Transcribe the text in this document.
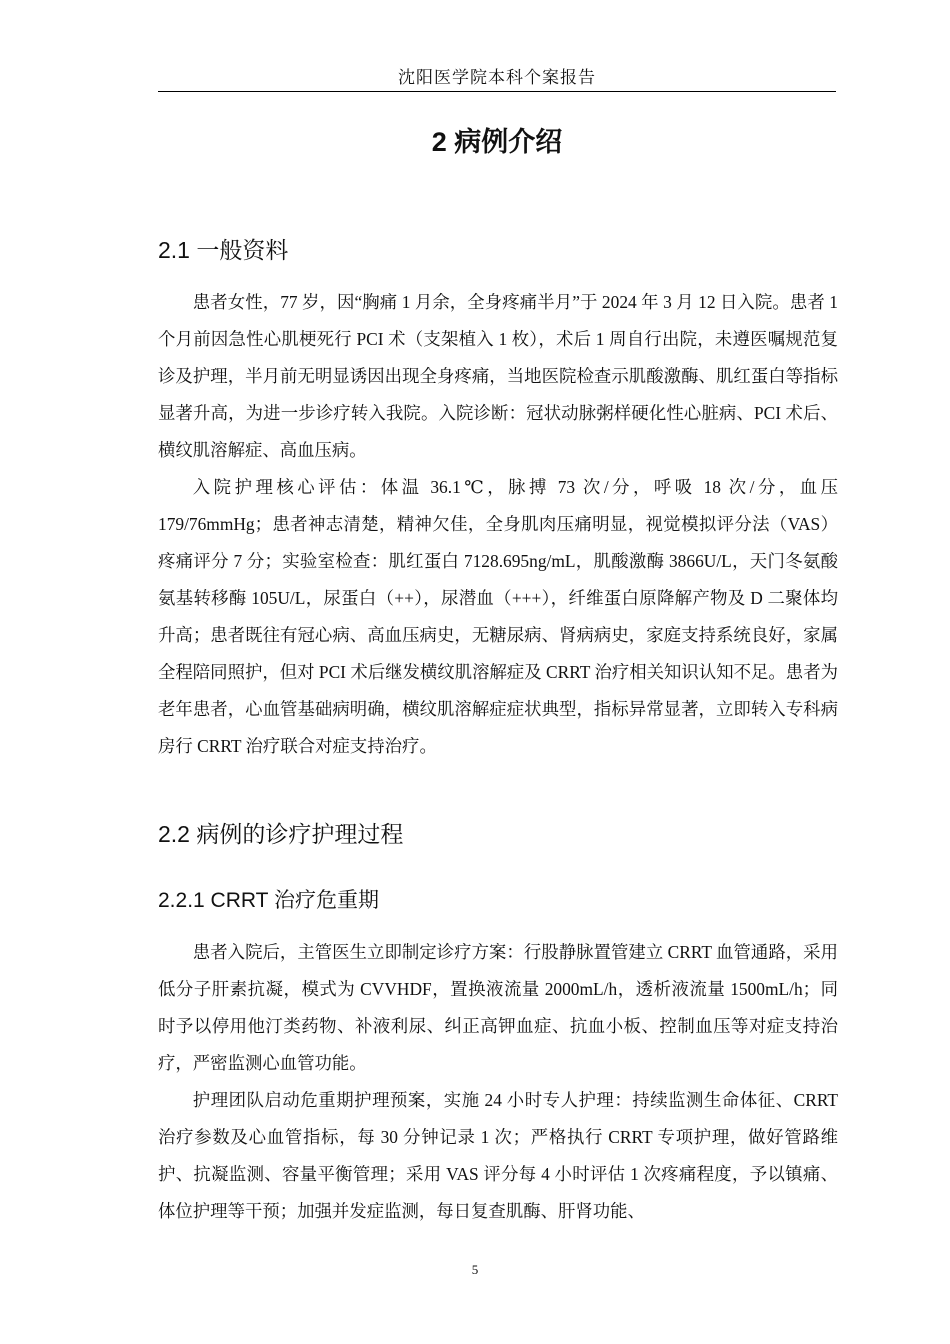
沈阳医学院本科个案报告
2 病例介绍
2.1 一般资料
患者女性，77 岁，因“胸痛 1 月余，全身疼痛半月”于 2024 年 3 月 12 日入院。患者 1 个月前因急性心肌梗死行 PCI 术（支架植入 1 枚），术后 1 周自行出院，未遵医嘱规范复诊及护理，半月前无明显诱因出现全身疼痛，当地医院检查示肌酸激酶、肌红蛋白等指标显著升高，为进一步诊疗转入我院。入院诊断：冠状动脉粥样硬化性心脏病、PCI 术后、横纹肌溶解症、高血压病。
入院护理核心评估：体温 36.1℃，脉搏 73 次/分，呼吸 18 次/分，血压 179/76mmHg；患者神志清楚，精神欠佳，全身肌肉压痛明显，视觉模拟评分法（VAS）疼痛评分 7 分；实验室检查：肌红蛋白 7128.695ng/mL，肌酸激酶 3866U/L，天门冬氨酸氨基转移酶 105U/L，尿蛋白（++），尿潜血（+++），纤维蛋白原降解产物及 D 二聚体均升高；患者既往有冠心病、高血压病史，无糖尿病、肾病病史，家庭支持系统良好，家属全程陪同照护，但对 PCI 术后继发横纹肌溶解症及 CRRT 治疗相关知识认知不足。患者为老年患者，心血管基础病明确，横纹肌溶解症症状典型，指标异常显著，立即转入专科病房行 CRRT 治疗联合对症支持治疗。
2.2 病例的诊疗护理过程
2.2.1 CRRT 治疗危重期
患者入院后，主管医生立即制定诊疗方案：行股静脉置管建立 CRRT 血管通路，采用低分子肝素抗凝，模式为 CVVHDF，置换液流量 2000mL/h，透析液流量 1500mL/h；同时予以停用他汀类药物、补液利尿、纠正高钾血症、抗血小板、控制血压等对症支持治疗，严密监测心血管功能。
护理团队启动危重期护理预案，实施 24 小时专人护理：持续监测生命体征、CRRT 治疗参数及心血管指标，每 30 分钟记录 1 次；严格执行 CRRT 专项护理，做好管路维护、抗凝监测、容量平衡管理；采用 VAS 评分每 4 小时评估 1 次疼痛程度，予以镇痛、体位护理等干预；加强并发症监测，每日复查肌酶、肝肾功能、
5
